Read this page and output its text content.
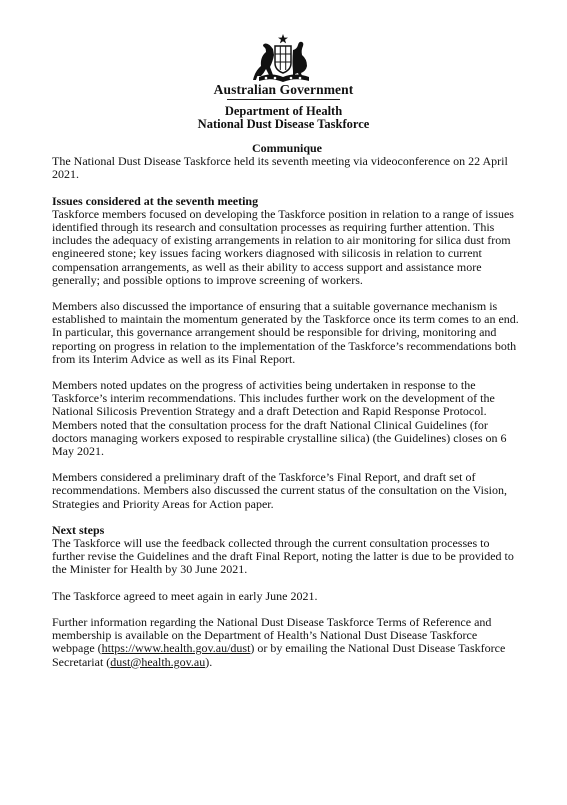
Australian Government
Department of Health
National Dust Disease Taskforce
Communique

The National Dust Disease Taskforce held its seventh meeting via videoconference on 22 April 2021.

Issues considered at the seventh meeting

Taskforce members focused on developing the Taskforce position in relation to a range of issues identified through its research and consultation processes as requiring further attention. This includes the adequacy of existing arrangements in relation to air monitoring for silica dust from engineered stone; key issues facing workers diagnosed with silicosis in relation to current compensation arrangements, as well as their ability to access support and assistance more generally; and possible options to improve screening of workers.

Members also discussed the importance of ensuring that a suitable governance mechanism is established to maintain the momentum generated by the Taskforce once its term comes to an end. In particular, this governance arrangement should be responsible for driving, monitoring and reporting on progress in relation to the implementation of the Taskforce’s recommendations both from its Interim Advice as well as its Final Report.

Members noted updates on the progress of activities being undertaken in response to the Taskforce’s interim recommendations. This includes further work on the development of the National Silicosis Prevention Strategy and a draft Detection and Rapid Response Protocol. Members noted that the consultation process for the draft National Clinical Guidelines (for doctors managing workers exposed to respirable crystalline silica) (the Guidelines) closes on 6 May 2021.

Members considered a preliminary draft of the Taskforce’s Final Report, and draft set of recommendations. Members also discussed the current status of the consultation on the Vision, Strategies and Priority Areas for Action paper.

Next steps

The Taskforce will use the feedback collected through the current consultation processes to further revise the Guidelines and the draft Final Report, noting the latter is due to be provided to the Minister for Health by 30 June 2021.

The Taskforce agreed to meet again in early June 2021.

Further information regarding the National Dust Disease Taskforce Terms of Reference and membership is available on the Department of Health’s National Dust Disease Taskforce webpage (https://www.health.gov.au/dust) or by emailing the National Dust Disease Taskforce Secretariat (dust@health.gov.au).
